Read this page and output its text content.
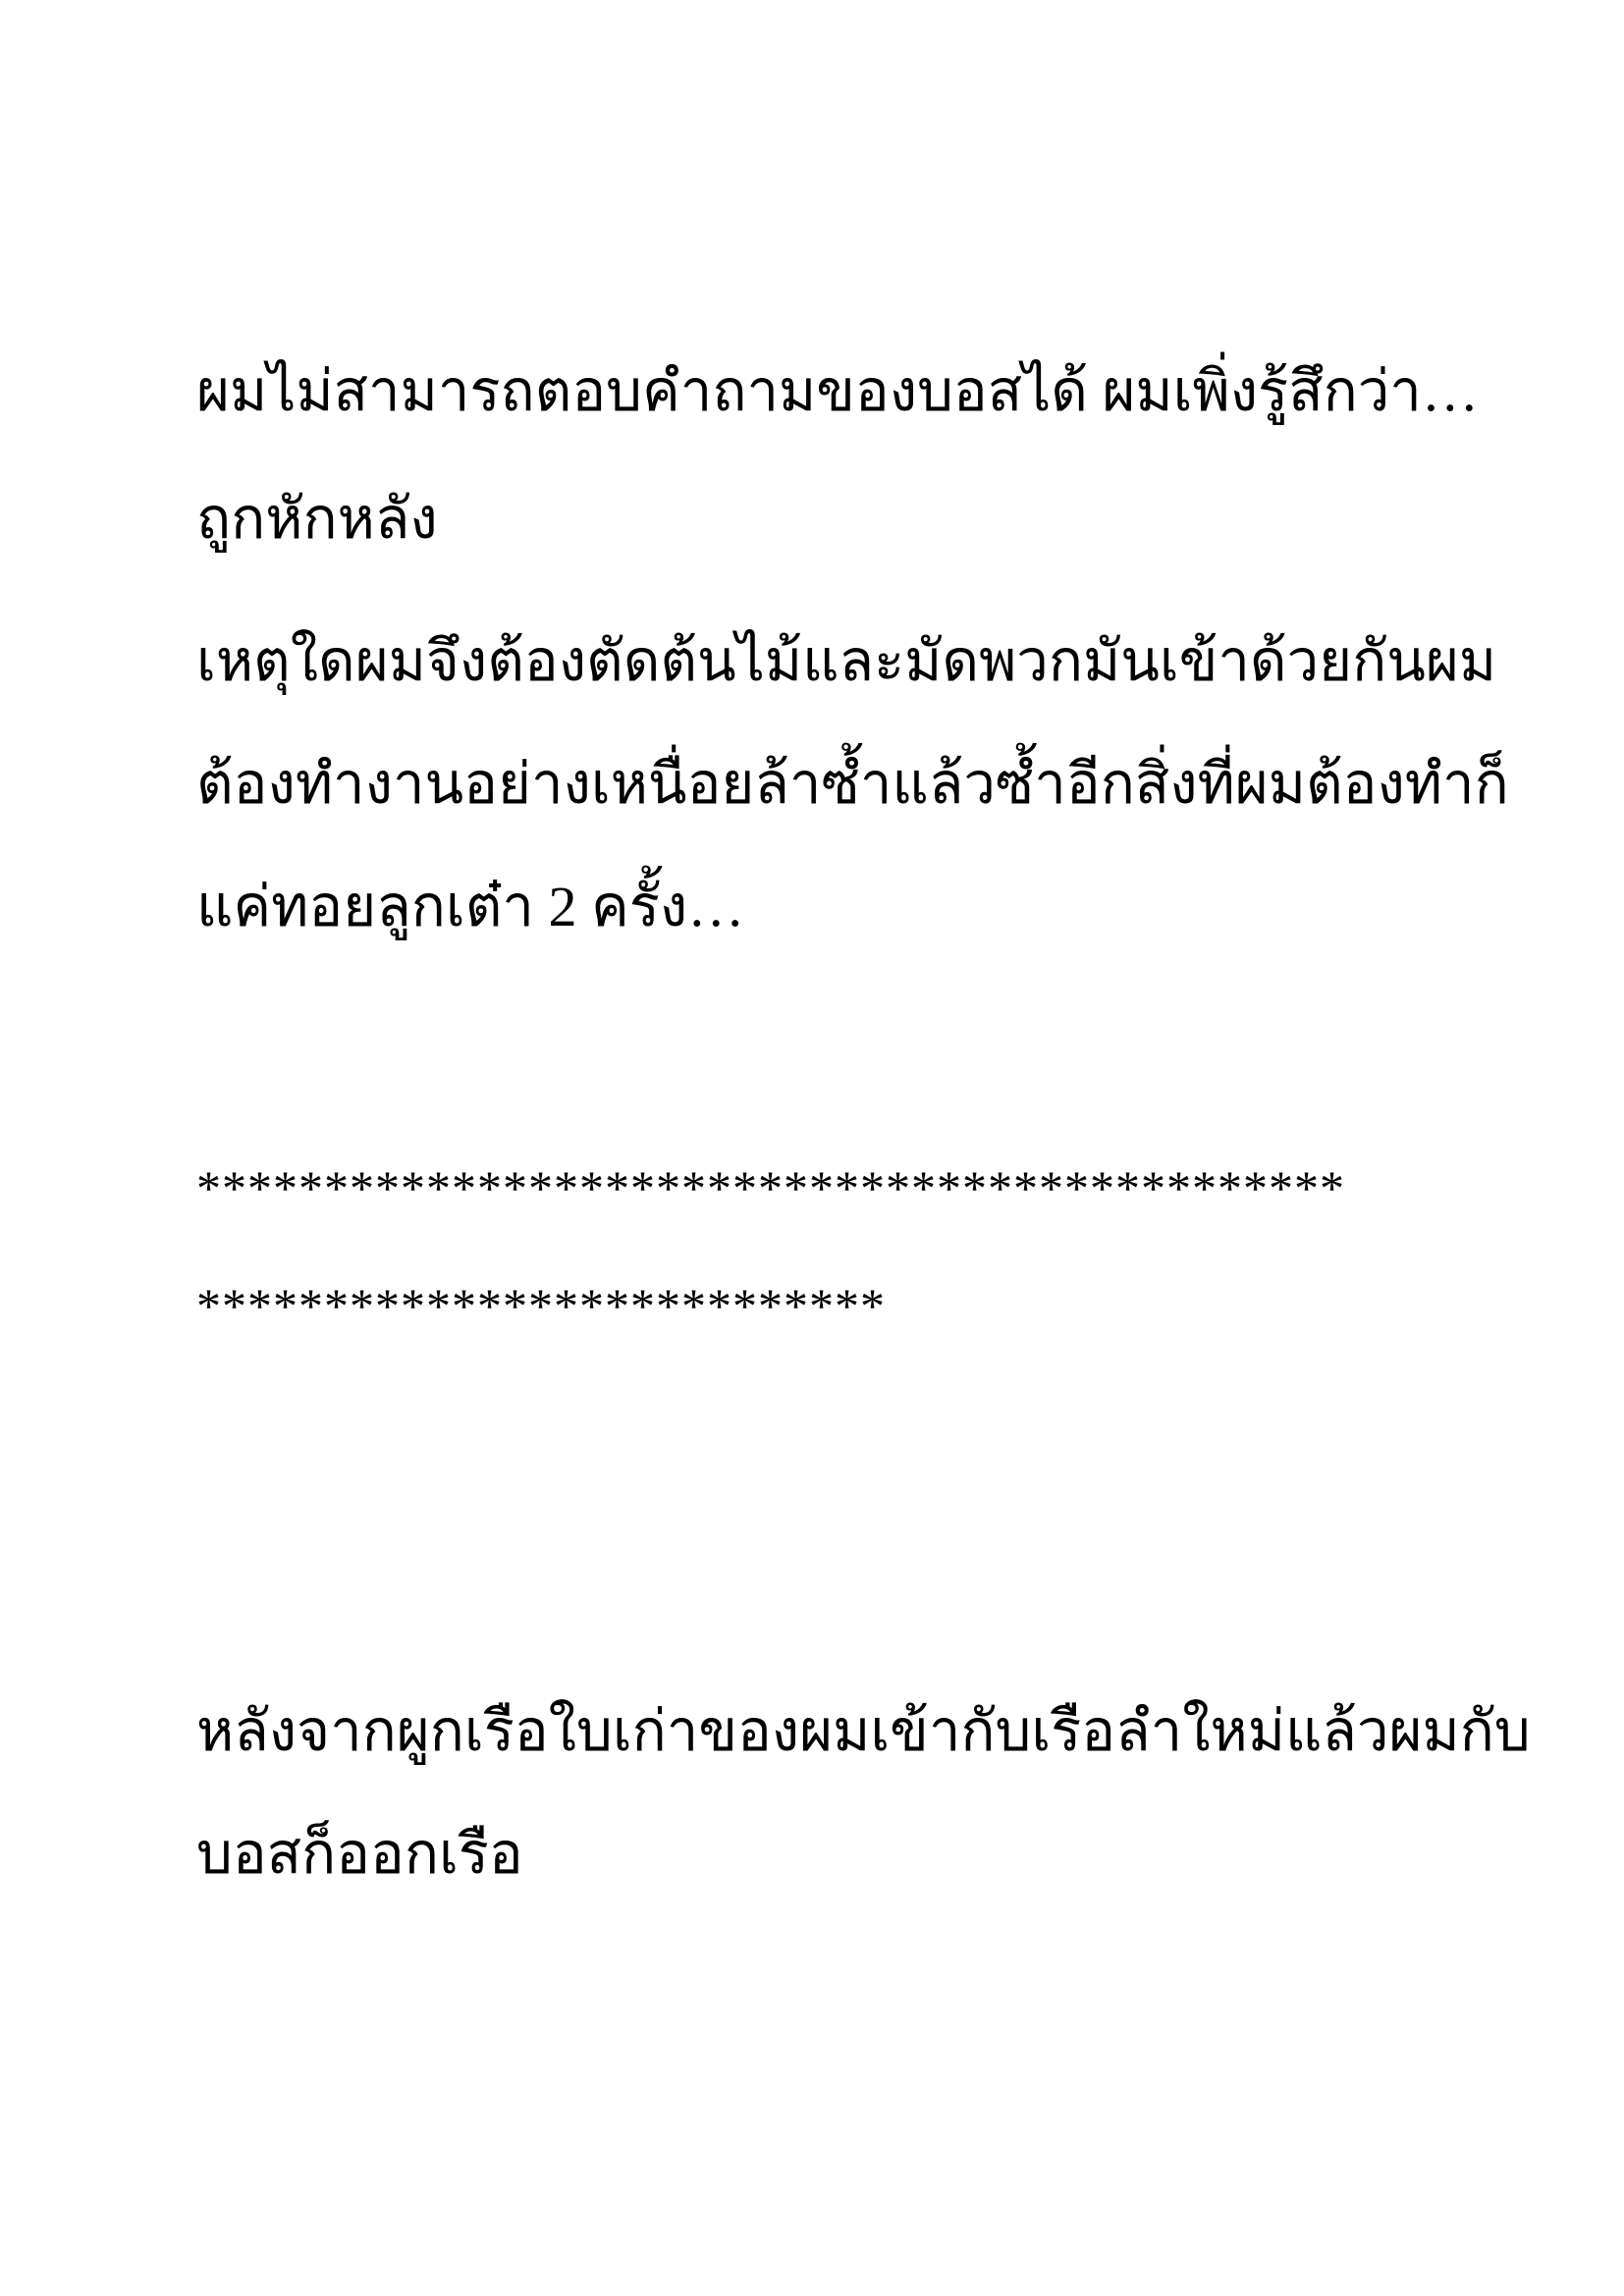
ผมไม่สามารถตอบคำถามของบอสได้ ผมเพิ่งรู้สึกว่า…
ถูกหักหลัง
เหตุใดผมจึงต้องตัดต้นไม้และมัดพวกมันเข้าด้วยกันผม
ต้องทำงานอย่างเหนื่อยล้าซ้ำแล้วซ้ำอีกสิ่งที่ผมต้องทำก็
แค่ทอยลูกเต๋า 2 ครั้ง…
*********************************************
***************************
หลังจากผูกเรือใบเก่าของผมเข้ากับเรือลำใหม่แล้วผมกับ
บอสก็ออกเรือ
